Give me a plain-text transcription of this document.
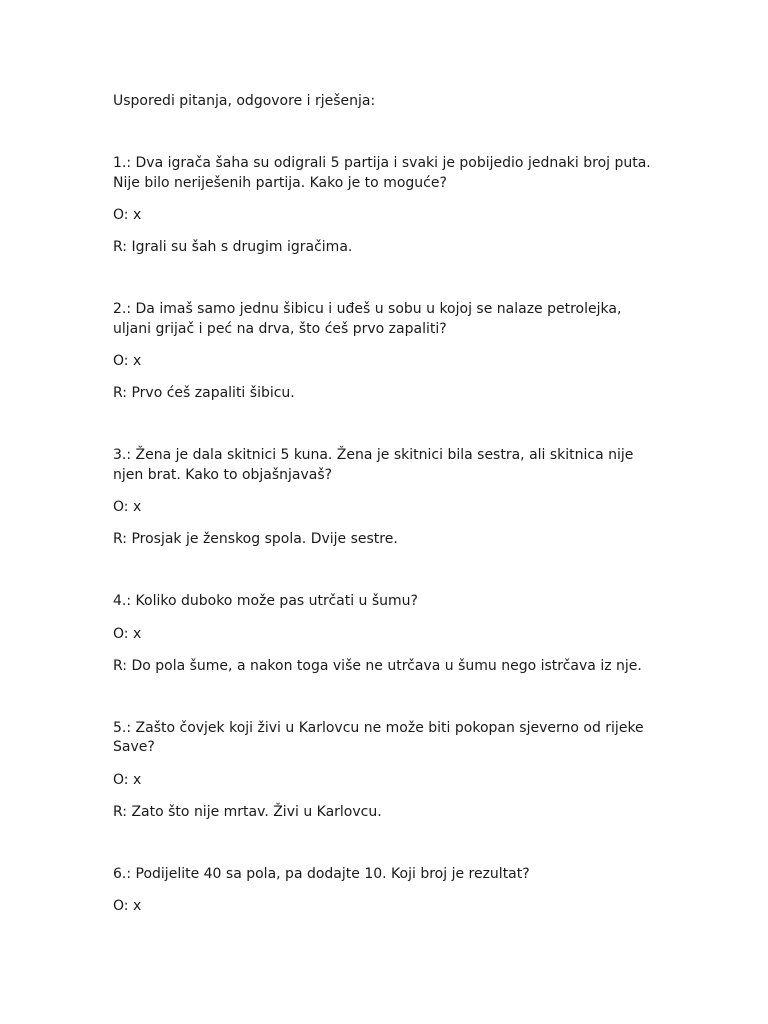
Usporedi pitanja, odgovore i rješenja:

1.: Dva igrača šaha su odigrali 5 partija i svaki je pobijedio jednaki broj puta. Nije bilo neriješenih partija. Kako je to moguće?

O: x

R: Igrali su šah s drugim igračima.

2.: Da imaš samo jednu šibicu i uđeš u sobu u kojoj se nalaze petrolejka, uljani grijač i peć na drva, što ćeš prvo zapaliti?

O: x

R: Prvo ćeš zapaliti šibicu.

3.: Žena je dala skitnici 5 kuna. Žena je skitnici bila sestra, ali skitnica nije njen brat. Kako to objašnjavaš?

O: x

R: Prosjak je ženskog spola. Dvije sestre.

4.: Koliko duboko može pas utrčati u šumu?

O: x

R: Do pola šume, a nakon toga više ne utrčava u šumu nego istrčava iz nje.

5.: Zašto čovjek koji živi u Karlovcu ne može biti pokopan sjeverno od rijeke Save?

O: x

R: Zato što nije mrtav. Živi u Karlovcu.

6.: Podijelite 40 sa pola, pa dodajte 10. Koji broj je rezultat?

O: x
